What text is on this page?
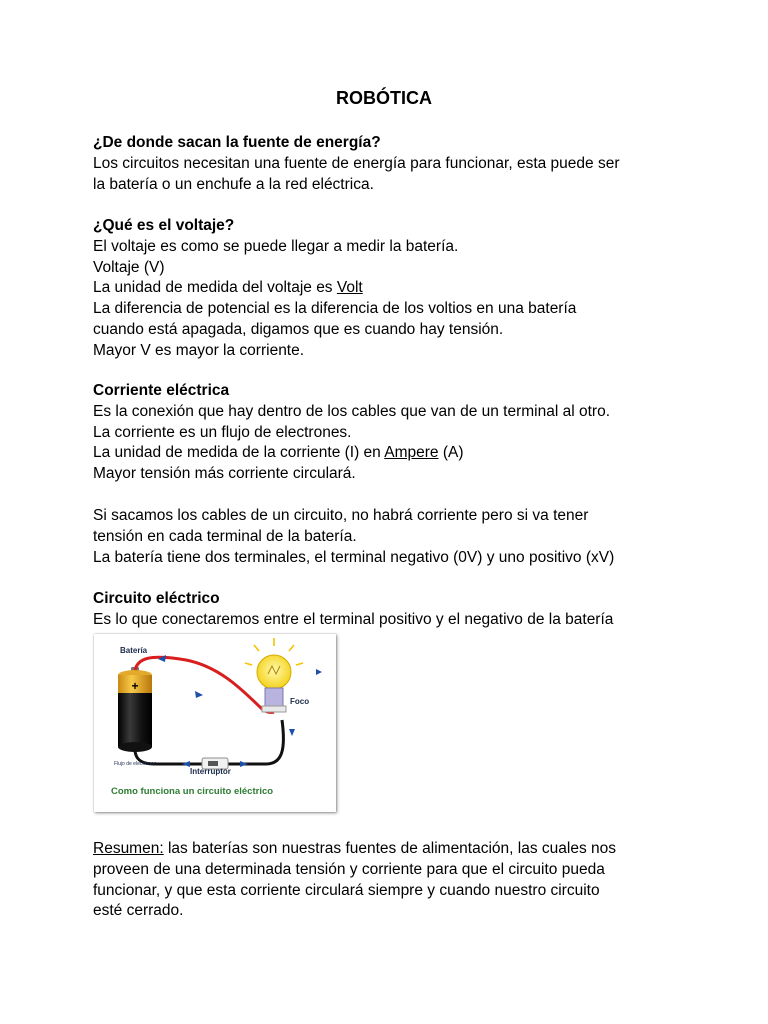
ROBÓTICA
¿De donde sacan la fuente de energía?
Los circuitos necesitan una fuente de energía para funcionar, esta puede ser
la batería o un enchufe a la red eléctrica.
¿Qué es el voltaje?
El voltaje es como se puede llegar a medir la batería.
Voltaje (V)
La unidad de medida del voltaje es Volt
La diferencia de potencial es la diferencia de los voltios en una batería
cuando está apagada, digamos que es cuando hay tensión.
Mayor V es mayor la corriente.
Corriente eléctrica
Es la conexión que hay dentro de los cables que van de un terminal al otro.
La corriente es un flujo de electrones.
La unidad de medida de la corriente (I) en Ampere (A)
Mayor tensión más corriente circulará.
Si sacamos los cables de un circuito, no habrá corriente pero si va tener
tensión en cada terminal de la batería.
La batería tiene dos terminales, el terminal negativo (0V) y uno positivo (xV)
Circuito eléctrico
Es lo que conectaremos entre el terminal positivo y el negativo de la batería
Batería
+
Foco
Flujo de electrones
Interruptor
Como funciona un circuito eléctrico
Resumen: las baterías son nuestras fuentes de alimentación, las cuales nos
proveen de una determinada tensión y corriente para que el circuito pueda
funcionar, y que esta corriente circulará siempre y cuando nuestro circuito
esté cerrado.
